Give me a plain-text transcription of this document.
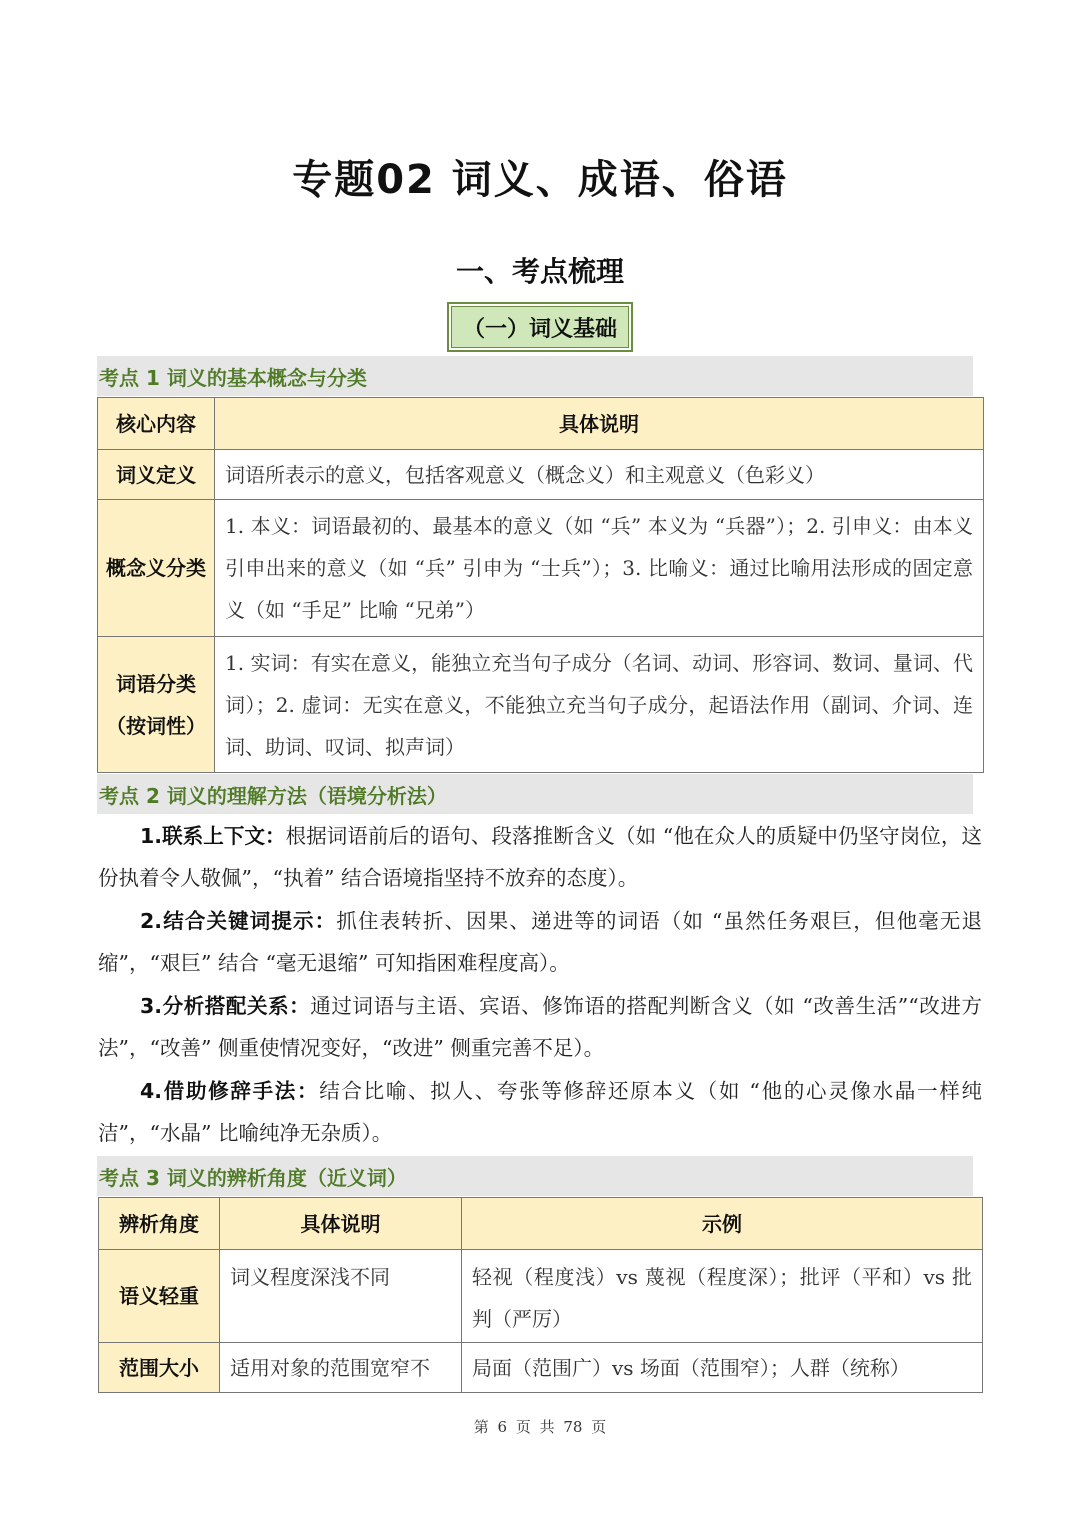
专题02 词义、成语、俗语
一、考点梳理
（一）词义基础
考点 1 词义的基本概念与分类
核心内容	具体说明
词义定义	词语所表示的意义，包括客观意义（概念义）和主观意义（色彩义）
概念义分类	1. 本义：词语最初的、最基本的意义（如 “兵” 本义为 “兵器”）；2. 引申义：由本义引申出来的意义（如 “兵” 引申为 “士兵”）；3. 比喻义：通过比喻用法形成的固定意义（如 “手足” 比喻 “兄弟”）
词语分类（按词性）	1. 实词：有实在意义，能独立充当句子成分（名词、动词、形容词、数词、量词、代词）；2. 虚词：无实在意义，不能独立充当句子成分，起语法作用（副词、介词、连词、助词、叹词、拟声词）
考点 2 词义的理解方法（语境分析法）
1.联系上下文：根据词语前后的语句、段落推断含义（如 “他在众人的质疑中仍坚守岗位，这份执着令人敬佩”，“执着” 结合语境指坚持不放弃的态度）。
2.结合关键词提示：抓住表转折、因果、递进等的词语（如 “虽然任务艰巨，但他毫无退缩”，“艰巨” 结合 “毫无退缩” 可知指困难程度高）。
3.分析搭配关系：通过词语与主语、宾语、修饰语的搭配判断含义（如 “改善生活”“改进方法”，“改善” 侧重使情况变好，“改进” 侧重完善不足）。
4.借助修辞手法：结合比喻、拟人、夸张等修辞还原本义（如 “他的心灵像水晶一样纯洁”，“水晶” 比喻纯净无杂质）。
考点 3 词义的辨析角度（近义词）
辨析角度	具体说明	示例
语义轻重	词义程度深浅不同	轻视（程度浅）vs 蔑视（程度深）；批评（平和）vs 批判（严厉）
范围大小	适用对象的范围宽窄不	局面（范围广）vs 场面（范围窄）；人群（统称）
第 6 页 共 78 页
